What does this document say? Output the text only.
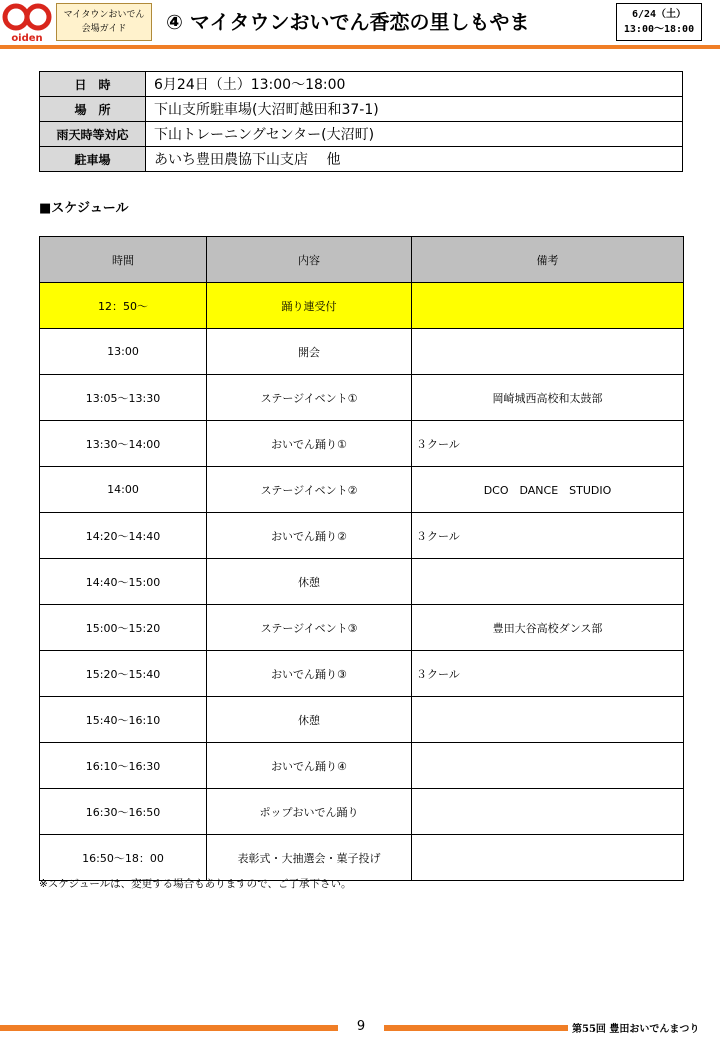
oiden
マイタウンおいでん
会場ガイド	④ マイタウンおいでん香恋の里しもやま	6/24（土）
13:00〜18:00
日　時	6月24日（土）13:00〜18:00
場　所	下山支所駐車場(大沼町越田和37-1)
雨天時等対応	下山トレーニングセンター(大沼町)
駐車場	あいち豊田農協下山支店　 他
■スケジュール
時間	内容	備考
12：50〜	踊り連受付	
13:00	開会	
13:05〜13:30	ステージイベント①	岡崎城西高校和太鼓部
13:30〜14:00	おいでん踊り①	３クール
14:00	ステージイベント②	DCO　DANCE　STUDIO
14:20〜14:40	おいでん踊り②	３クール
14:40〜15:00	休憩	
15:00〜15:20	ステージイベント③	豊田大谷高校ダンス部
15:20〜15:40	おいでん踊り③	３クール
15:40〜16:10	休憩	
16:10〜16:30	おいでん踊り④	
16:30〜16:50	ポップおいでん踊り	
16:50〜18：00	表彰式・大抽選会・菓子投げ	
※スケジュールは、変更する場合もありますので、ご了承下さい。
9	第55回 豊田おいでんまつり
